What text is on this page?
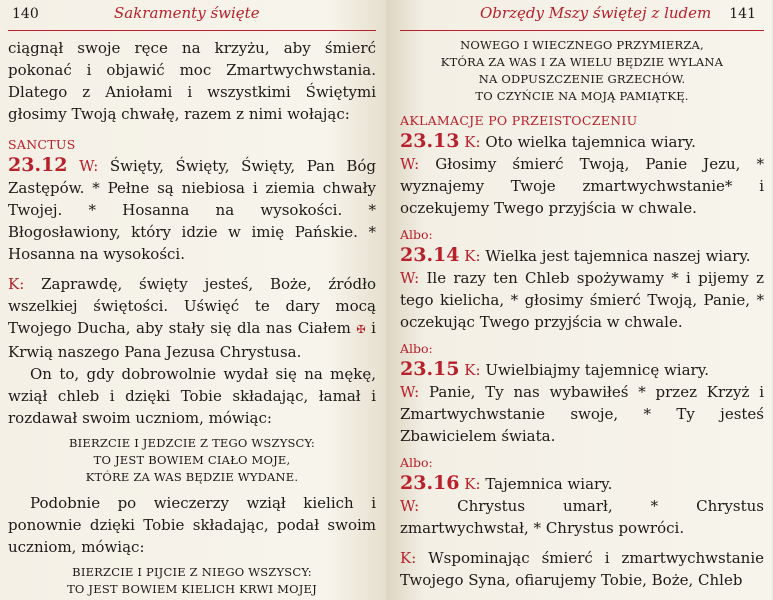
140	Sakramenty święte

ciągnął swoje ręce na krzyżu, aby śmierć pokonać i objawić moc Zmartwychwstania. Dlatego z Aniołami i wszystkimi Świętymi głosimy Twoją chwałę, razem z nimi wołając:

SANCTUS

23.12 W: Święty, Święty, Święty, Pan Bóg Zastępów. * Pełne są niebiosa i ziemia chwały Twojej. * Hosanna na wysokości. * Błogosławiony, który idzie w imię Pańskie. * Hosanna na wysokości.

K: Zaprawdę, święty jesteś, Boże, źródło wszelkiej świętości. Uświęć te dary mocą Twojego Ducha, aby stały się dla nas Ciałem ✠ i Krwią naszego Pana Jezusa Chrystusa.

On to, gdy dobrowolnie wydał się na mękę, wziął chleb i dzięki Tobie składając, łamał i rozdawał swoim uczniom, mówiąc:

BIERZCIE I JEDZCIE Z TEGO WSZYSCY:
TO JEST BOWIEM CIAŁO MOJE,
KTÓRE ZA WAS BĘDZIE WYDANE.

Podobnie po wieczerzy wziął kielich i ponownie dzięki Tobie składając, podał swoim uczniom, mówiąc:

BIERZCIE I PIJCIE Z NIEGO WSZYSCY:
TO JEST BOWIEM KIELICH KRWI MOJEJ
Obrzędy Mszy świętej z ludem 141
NOWEGO I WIECZNEGO PRZYMIERZA,
KTÓRA ZA WAS I ZA WIELU BĘDZIE WYLANA
NA ODPUSZCZENIE GRZECHÓW.
TO CZYŃCIE NA MOJĄ PAMIĄTKĘ.
AKLAMACJE PO PRZEISTOCZENIU

23.13 K: Oto wielka tajemnica wiary.

W: Głosimy śmierć Twoją, Panie Jezu, * wyznajemy Twoje zmartwychwstanie* i oczekujemy Twego przyjścia w chwale.

Albo:

23.14 K: Wielka jest tajemnica naszej wiary.

W: Ile razy ten Chleb spożywamy * i pijemy z tego kielicha, * głosimy śmierć Twoją, Panie, * oczekując Twego przyjścia w chwale.

Albo:

23.15 K: Uwielbiajmy tajemnicę wiary.

W: Panie, Ty nas wybawiłeś * przez Krzyż i Zmartwychwstanie swoje, * Ty jesteś Zbawicielem świata.

Albo:

23.16 K: Tajemnica wiary.

W:	Chrystus umarł, * Chrystus zmartwychwstał, * Chrystus powróci.

K: Wspominając śmierć i zmartwychwstanie Twojego Syna, ofiarujemy Tobie, Boże, Chleb
